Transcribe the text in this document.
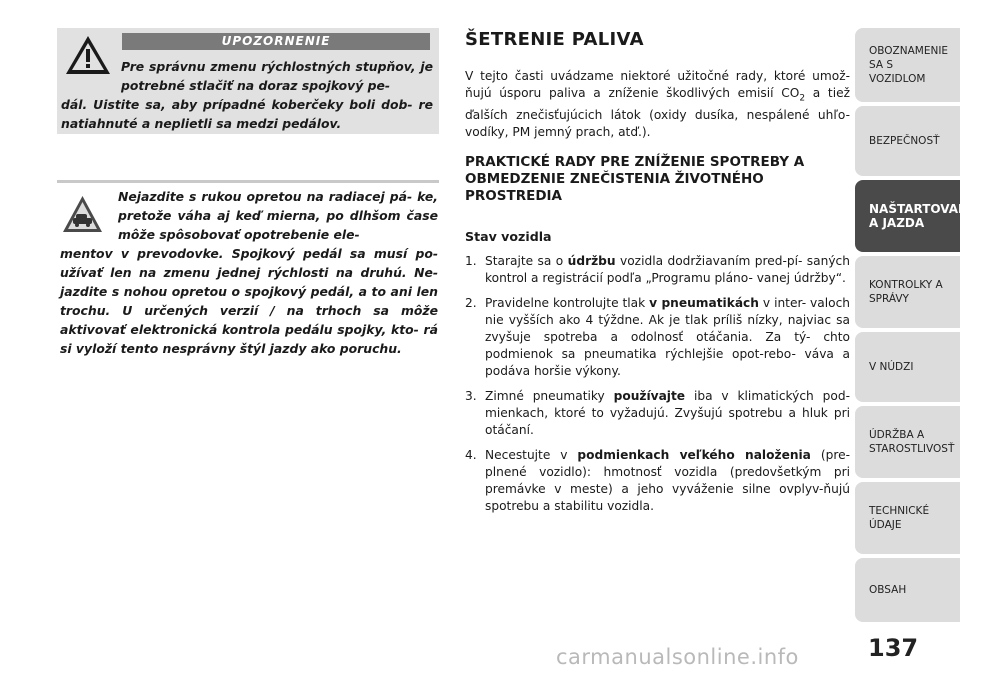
UPOZORNENIE
Pre správnu zmenu rýchlostných stupňov, je potrebné stlačiť na doraz spojkový pe-
dál. Uistite sa, aby prípadné koberčeky boli dob- re natiahnuté a neplietli sa medzi pedálov.
Nejazdite s rukou opretou na radiacej pá- ke, pretože váha aj keď mierna, po dlhšom čase môže spôsobovať opotrebenie ele-
mentov v prevodovke. Spojkový pedál sa musí po- užívať len na zmenu jednej rýchlosti na druhú. Ne- jazdite s nohou opretou o spojkový pedál, a to ani len trochu. U určených verzií / na trhoch sa môže aktivovať elektronická kontrola pedálu spojky, kto- rá si vyloží tento nesprávny štýl jazdy ako poruchu.
ŠETRENIE PALIVA
V tejto časti uvádzame niektoré užitočné rady, ktoré umož- ňujú úsporu paliva a zníženie škodlivých emisií $CO_2$ a tiež ďalších znečisťujúcich látok (oxidy dusíka, nespálené uhľo- vodíky, PM jemný prach, atď.).
PRAKTICKÉ RADY PRE ZNÍŽENIE SPOTREBY A OBMEDZENIE ZNEČISTENIA ŽIVOTNÉHO PROSTREDIA
Stav vozidla
1. Starajte sa o údržbu vozidla dodržiavaním pred-pí- saných kontrol a registrácií podľa „Programu pláno- vanej údržby“.
2. Pravidelne kontrolujte tlak v pneumatikách v inter- valoch nie vyšších ako 4 týždne. Ak je tlak príliš nízky, najviac sa zvyšuje spotreba a odolnosť otáčania. Za tý- chto podmienok sa pneumatika rýchlejšie opot-rebo- váva a podáva horšie výkony.
3. Zimné pneumatiky používajte iba v klimatických pod- mienkach, ktoré to vyžadujú. Zvyšujú spotrebu a hluk pri otáčaní.
4. Necestujte v podmienkach veľkého naloženia (pre- plnené vozidlo): hmotnosť vozidla (predovšetkým pri premávke v meste) a jeho vyváženie silne ovplyv-ňujú spotrebu a stabilitu vozidla.
OBOZNAMENIE SA S VOZIDLOM
BEZPEČNOSŤ
NAŠTARTOVANIE A JAZDA
KONTROLKY A SPRÁVY
V NÚDZI
ÚDRŽBA A STAROSTLIVOSŤ
TECHNICKÉ ÚDAJE
OBSAH
137
carmanualsonline.info
